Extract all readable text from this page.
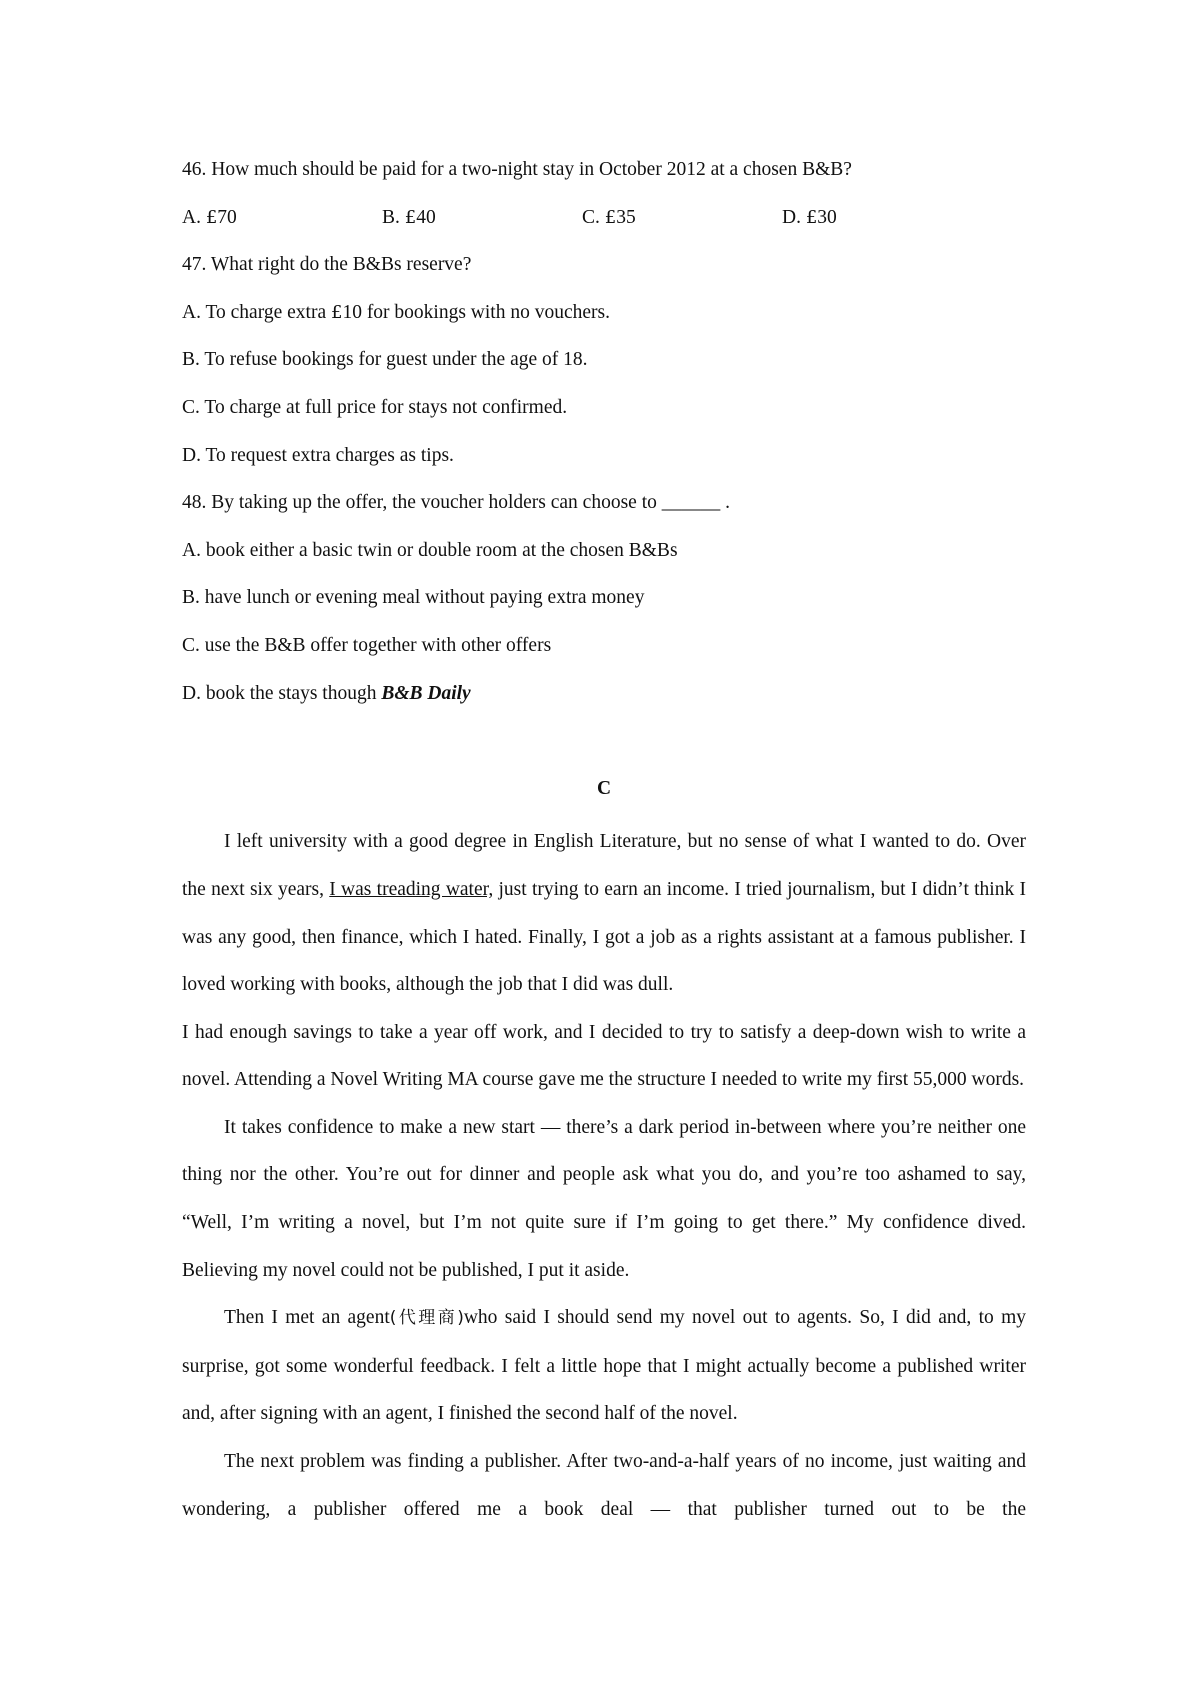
46. How much should be paid for a two-night stay in October 2012 at a chosen B&B?
A. £70	B. £40	C. £35	D. £30
47. What right do the B&Bs reserve?
A. To charge extra £10 for bookings with no vouchers.
B. To refuse bookings for guest under the age of 18.
C. To charge at full price for stays not confirmed.
D. To request extra charges as tips.
48. By taking up the offer, the voucher holders can choose to ______ .
A. book either a basic twin or double room at the chosen B&Bs
B. have lunch or evening meal without paying extra money
C. use the B&B offer together with other offers
D. book the stays though B&B Daily
C

I left university with a good degree in English Literature, but no sense of what I wanted to do. Over the next six years, I was treading water, just trying to earn an income. I tried journalism, but I didn’t think I was any good, then finance, which I hated. Finally, I got a job as a rights assistant at a famous publisher. I loved working with books, although the job that I did was dull.

I had enough savings to take a year off work, and I decided to try to satisfy a deep-down wish to write a novel. Attending a Novel Writing MA course gave me the structure I needed to write my first 55,000 words.

It takes confidence to make a new start — there’s a dark period in-between where you’re neither one thing nor the other. You’re out for dinner and people ask what you do, and you’re too ashamed to say, “Well, I’m writing a novel, but I’m not quite sure if I’m going to get there.” My confidence dived. Believing my novel could not be published, I put it aside.

Then I met an agent(代理商)who said I should send my novel out to agents. So, I did and, to my surprise, got some wonderful feedback. I felt a little hope that I might actually become a published writer and, after signing with an agent, I finished the second half of the novel.

The next problem was finding a publisher. After two-and-a-half years of no income, just waiting and wondering, a publisher offered me a book deal — that publisher turned out to be the
